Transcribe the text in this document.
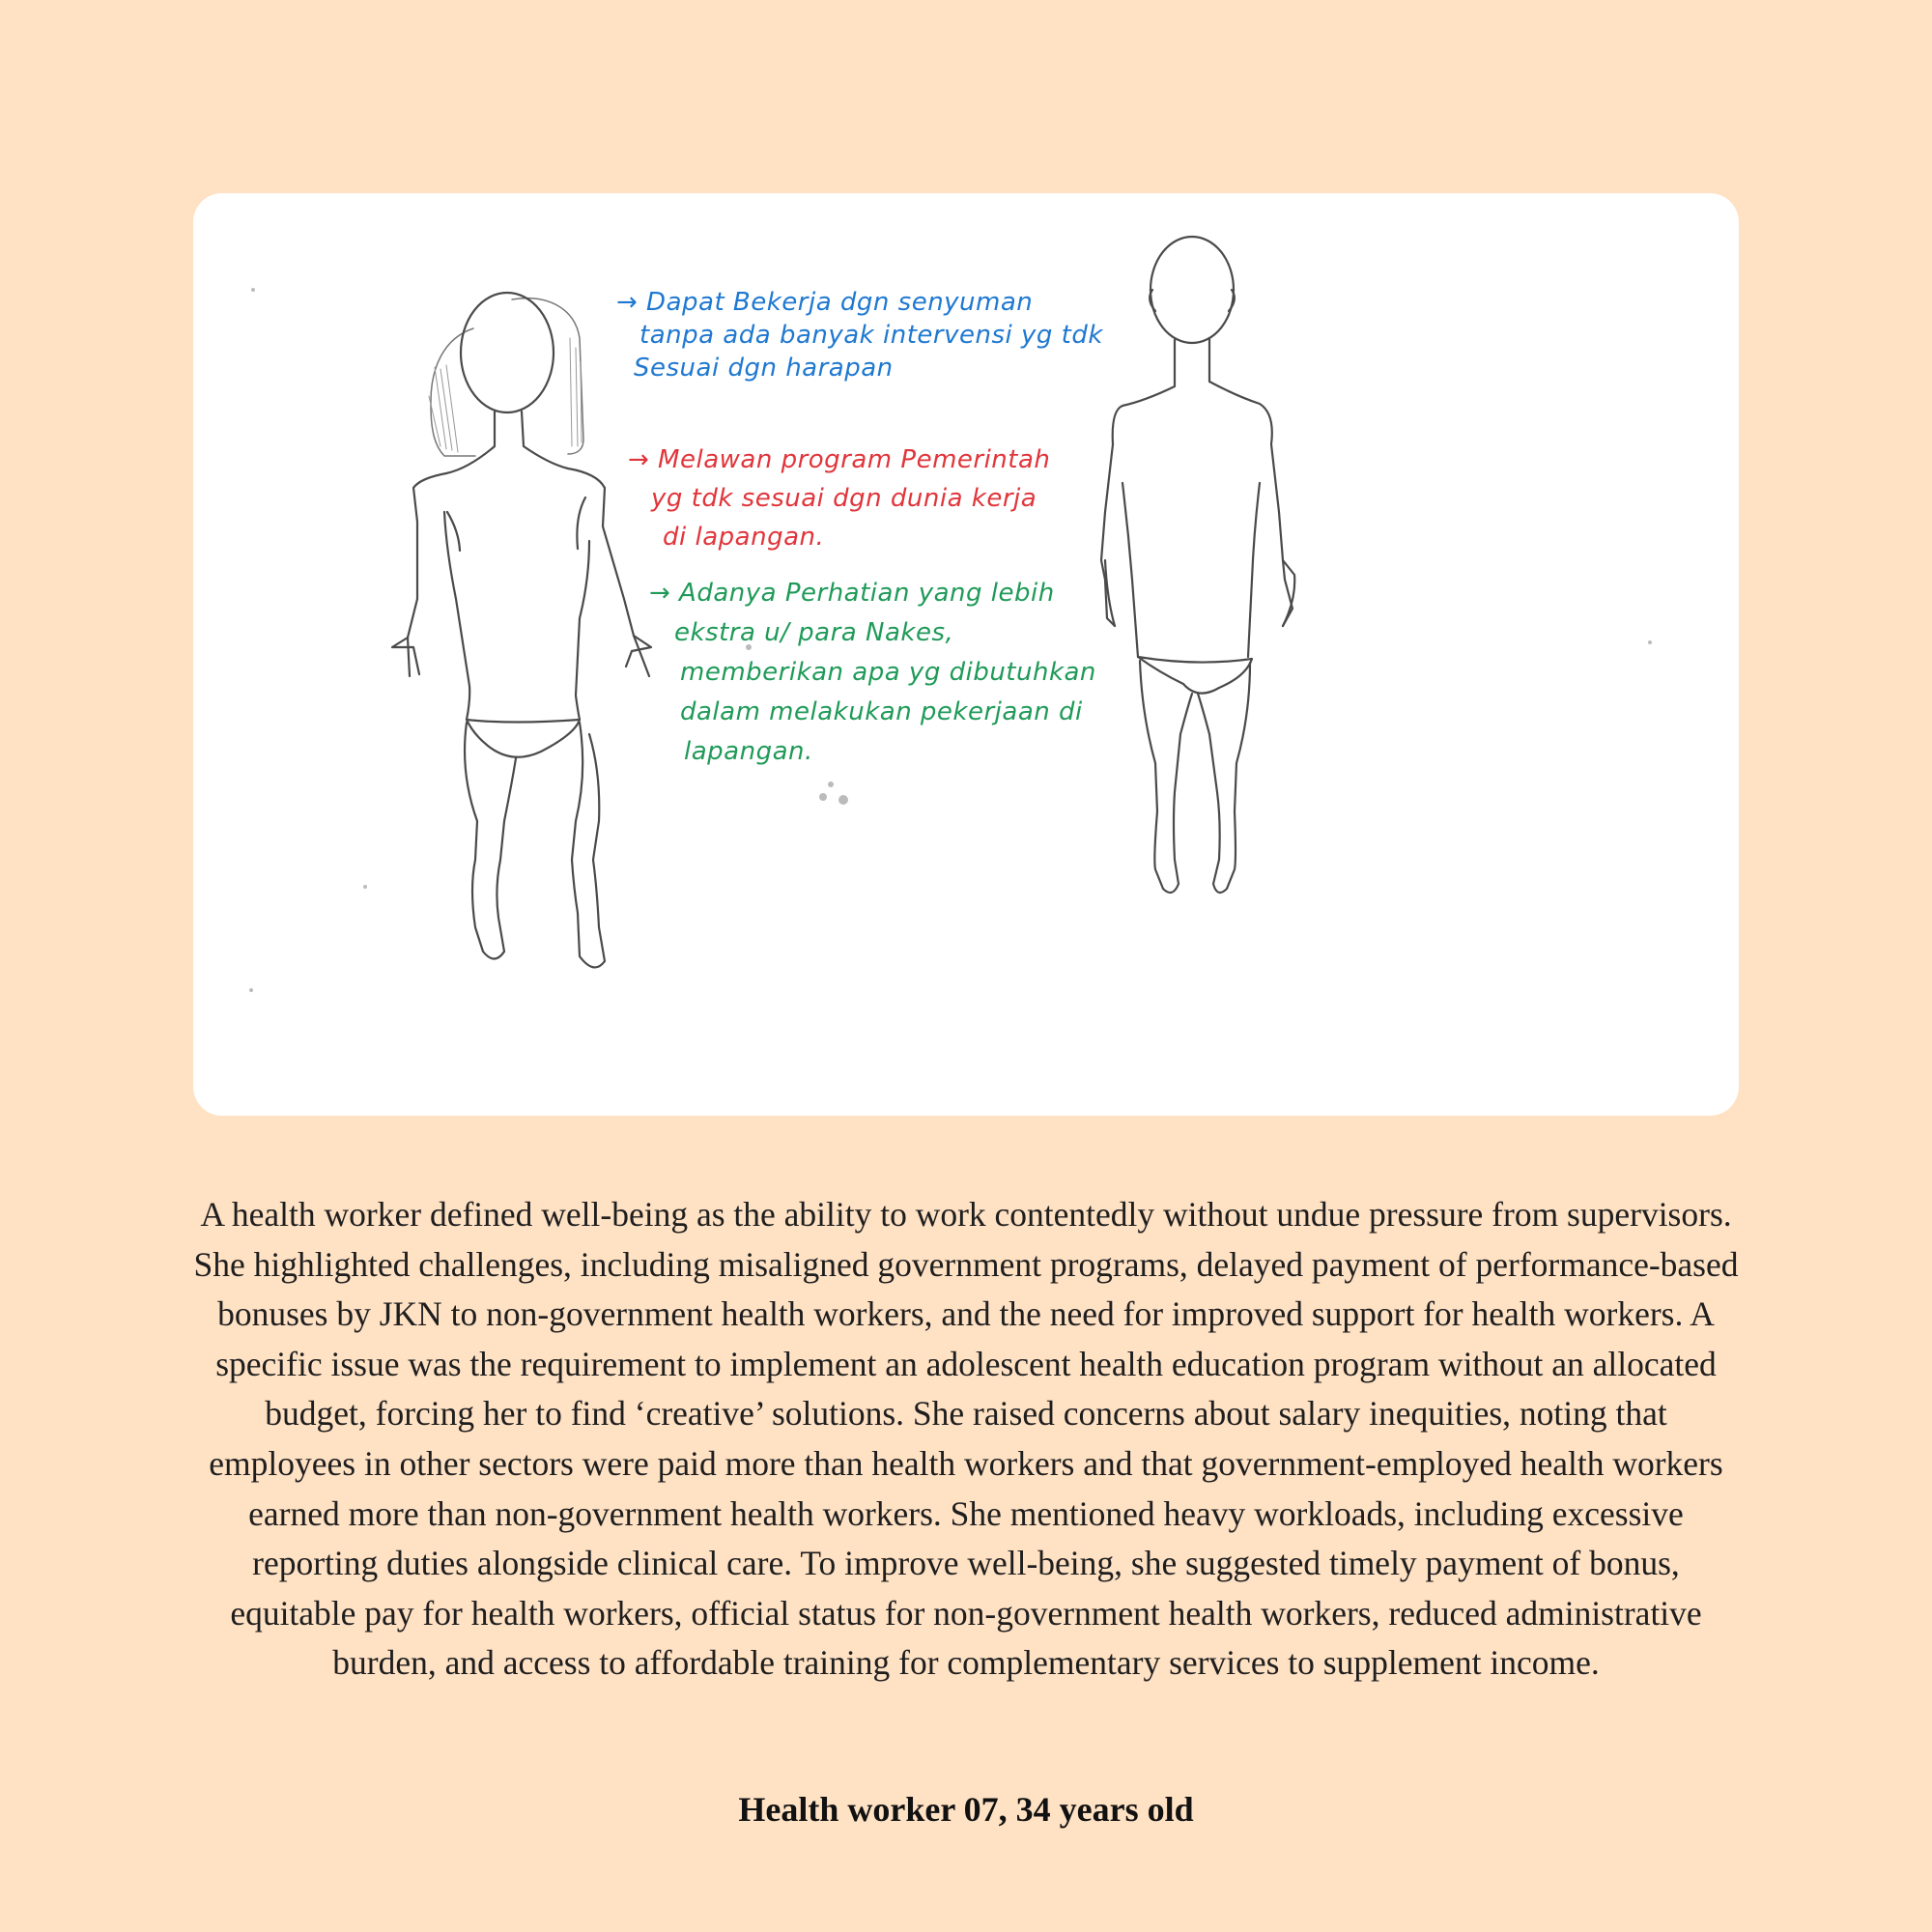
→ Dapat Bekerja dgn senyuman
tanpa ada banyak intervensi yg tdk
Sesuai dgn harapan
→ Melawan program Pemerintah
yg tdk sesuai dgn dunia kerja
di lapangan.
→ Adanya Perhatian yang lebih
ekstra u/ para Nakes,
memberikan apa yg dibutuhkan
dalam melakukan pekerjaan di
lapangan.

A health worker defined well-being as the ability to work contentedly without undue pressure from supervisors. She highlighted challenges, including misaligned government programs, delayed payment of performance-based bonuses by JKN to non-government health workers, and the need for improved support for health workers. A specific issue was the requirement to implement an adolescent health education program without an allocated budget, forcing her to find ‘creative’ solutions. She raised concerns about salary inequities, noting that employees in other sectors were paid more than health workers and that government-employed health workers earned more than non-government health workers. She mentioned heavy workloads, including excessive reporting duties alongside clinical care. To improve well-being, she suggested timely payment of bonus, equitable pay for health workers, official status for non-government health workers, reduced administrative burden, and access to affordable training for complementary services to supplement income.

Health worker 07, 34 years old
